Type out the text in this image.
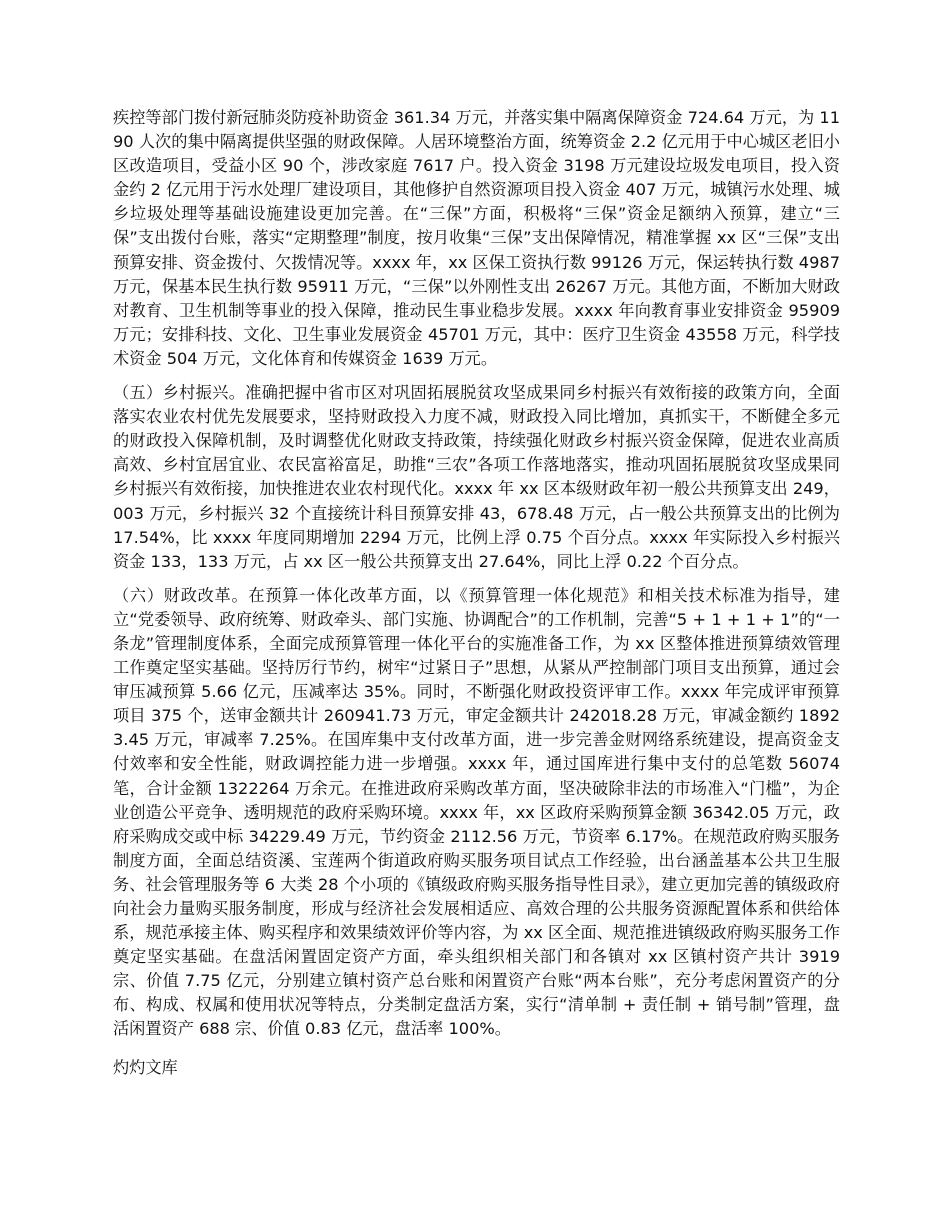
疾控等部门拨付新冠肺炎防疫补助资金 361.34 万元，并落实集中隔离保障资金 724.64 万元，为 1190 人次的集中隔离提供坚强的财政保障。人居环境整治方面，统筹资金 2.2 亿元用于中心城区老旧小区改造项目，受益小区 90 个，涉改家庭 7617 户。投入资金 3198 万元建设垃圾发电项目，投入资金约 2 亿元用于污水处理厂建设项目，其他修护自然资源项目投入资金 407 万元，城镇污水处理、城乡垃圾处理等基础设施建设更加完善。在“三保”方面，积极将“三保”资金足额纳入预算，建立“三保”支出拨付台账，落实“定期整理”制度，按月收集“三保”支出保障情况，精准掌握 xx 区“三保”支出预算安排、资金拨付、欠拨情况等。xxxx 年，xx 区保工资执行数 99126 万元，保运转执行数 4987 万元，保基本民生执行数 95911 万元，“三保”以外刚性支出 26267 万元。其他方面，不断加大财政对教育、卫生机制等事业的投入保障，推动民生事业稳步发展。xxxx 年向教育事业安排资金 95909 万元；安排科技、文化、卫生事业发展资金 45701 万元，其中：医疗卫生资金 43558 万元，科学技术资金 504 万元，文化体育和传媒资金 1639 万元。

（五）乡村振兴。准确把握中省市区对巩固拓展脱贫攻坚成果同乡村振兴有效衔接的政策方向，全面落实农业农村优先发展要求，坚持财政投入力度不减，财政投入同比增加，真抓实干，不断健全多元的财政投入保障机制，及时调整优化财政支持政策，持续强化财政乡村振兴资金保障，促进农业高质高效、乡村宜居宜业、农民富裕富足，助推“三农”各项工作落地落实，推动巩固拓展脱贫攻坚成果同乡村振兴有效衔接，加快推进农业农村现代化。xxxx 年 xx 区本级财政年初一般公共预算支出 249，003 万元，乡村振兴 32 个直接统计科目预算安排 43，678.48 万元，占一般公共预算支出的比例为 17.54%，比 xxxx 年度同期增加 2294 万元，比例上浮 0.75 个百分点。xxxx 年实际投入乡村振兴资金 133，133 万元，占 xx 区一般公共预算支出 27.64%，同比上浮 0.22 个百分点。

（六）财政改革。在预算一体化改革方面，以《预算管理一体化规范》和相关技术标准为指导，建立“党委领导、政府统筹、财政牵头、部门实施、协调配合”的工作机制，完善“5 + 1 + 1 + 1”的“一条龙”管理制度体系，全面完成预算管理一体化平台的实施准备工作，为 xx 区整体推进预算绩效管理工作奠定坚实基础。坚持厉行节约，树牢“过紧日子”思想，从紧从严控制部门项目支出预算，通过会审压减预算 5.66 亿元，压减率达 35%。同时，不断强化财政投资评审工作。xxxx 年完成评审预算项目 375 个，送审金额共计 260941.73 万元，审定金额共计 242018.28 万元，审减金额约 18923.45 万元，审减率 7.25%。在国库集中支付改革方面，进一步完善金财网络系统建设，提高资金支付效率和安全性能，财政调控能力进一步增强。xxxx 年，通过国库进行集中支付的总笔数 56074 笔，合计金额 1322264 万余元。在推进政府采购改革方面，坚决破除非法的市场准入“门槛”，为企业创造公平竞争、透明规范的政府采购环境。xxxx 年，xx 区政府采购预算金额 36342.05 万元，政府采购成交或中标 34229.49 万元，节约资金 2112.56 万元，节资率 6.17%。在规范政府购买服务制度方面，全面总结资溪、宝莲两个街道政府购买服务项目试点工作经验，出台涵盖基本公共卫生服务、社会管理服务等 6 大类 28 个小项的《镇级政府购买服务指导性目录》，建立更加完善的镇级政府向社会力量购买服务制度，形成与经济社会发展相适应、高效合理的公共服务资源配置体系和供给体系，规范承接主体、购买程序和效果绩效评价等内容，为 xx 区全面、规范推进镇级政府购买服务工作奠定坚实基础。在盘活闲置固定资产方面，牵头组织相关部门和各镇对 xx 区镇村资产共计 3919 宗、价值 7.75 亿元，分别建立镇村资产总台账和闲置资产台账“两本台账”，充分考虑闲置资产的分布、构成、权属和使用状况等特点，分类制定盘活方案，实行“清单制 + 责任制 + 销号制”管理，盘活闲置资产 688 宗、价值 0.83 亿元，盘活率 100%。

灼灼文库
